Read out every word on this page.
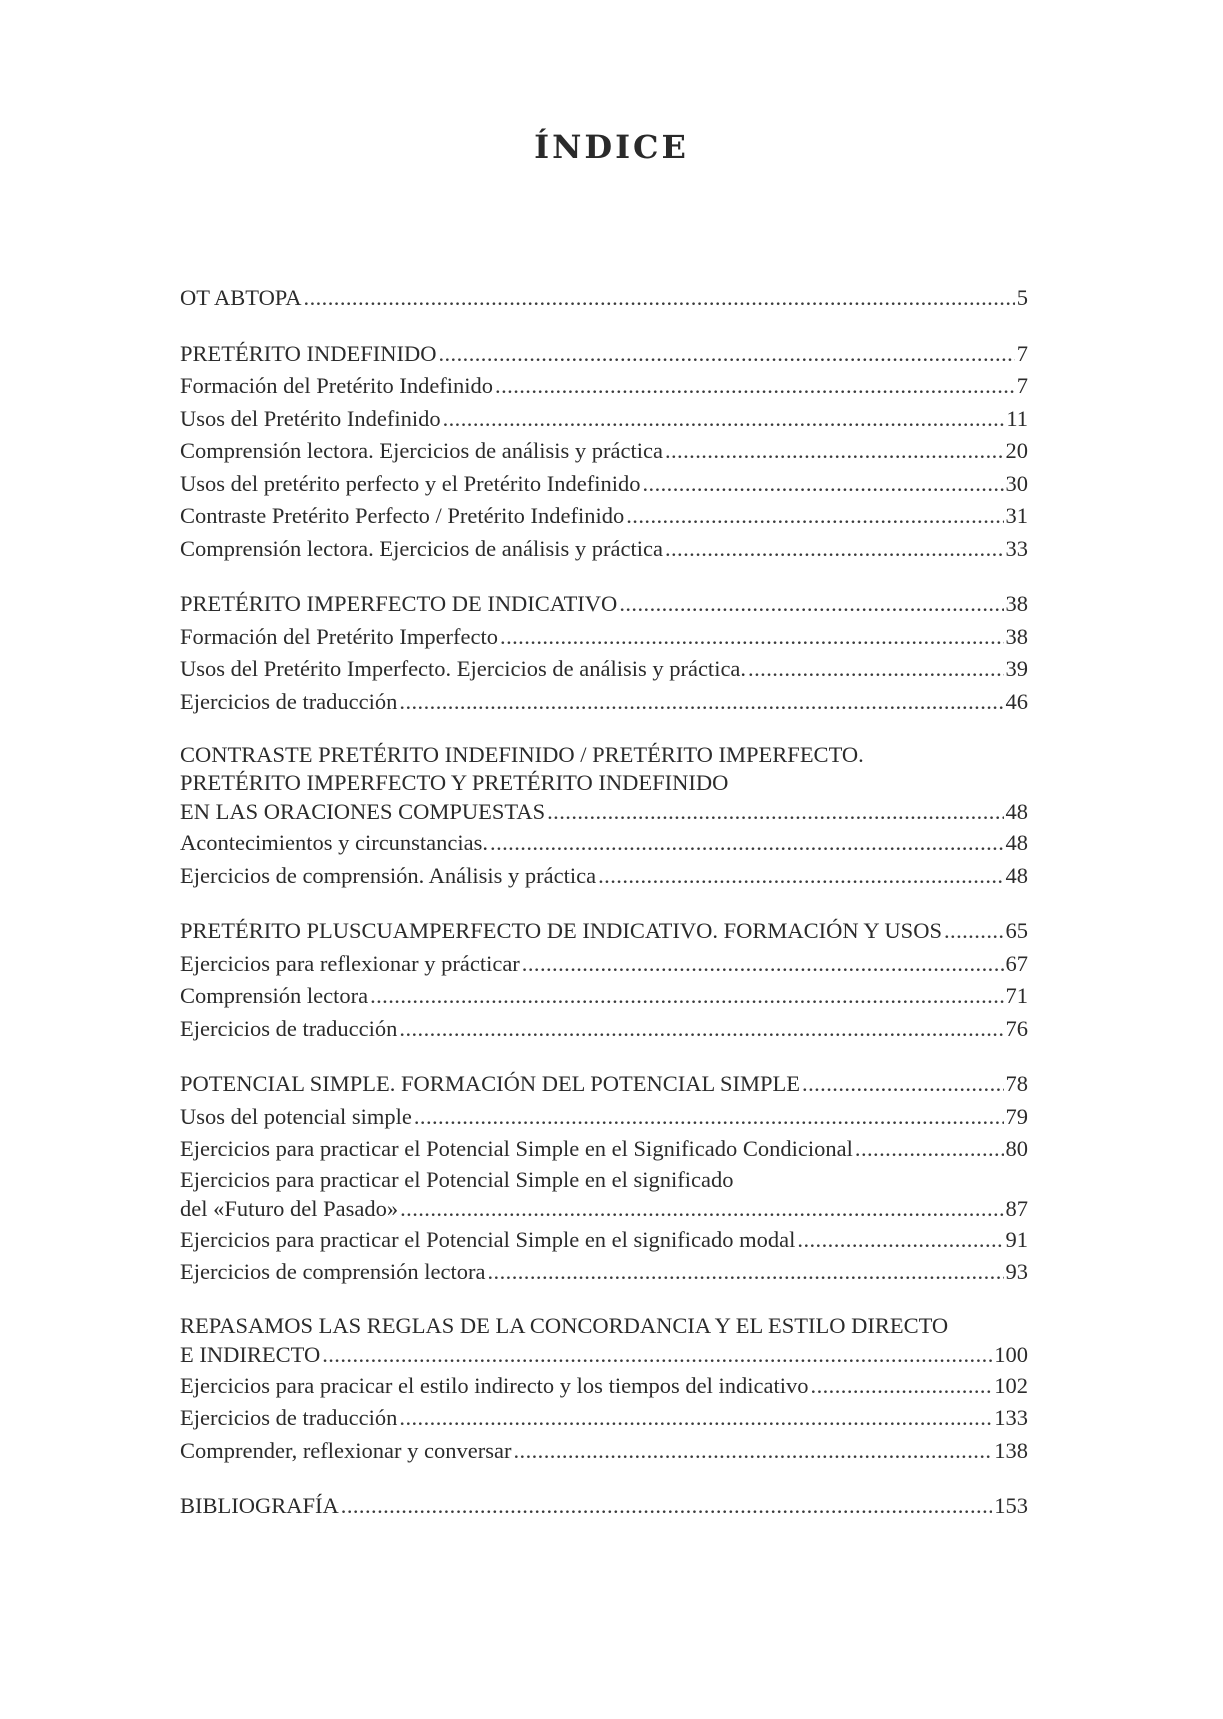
ÍNDICE
OT ABTOPA . . .	5
PRETÉRITO INDEFINIDO . . .	7
Formación del Pretérito Indefinido . . .	7
Usos del Pretérito Indefinido . . .	11
Comprensión lectora. Ejercicios de análisis y práctica . . .	20
Usos del pretérito perfecto y el Pretérito Indefinido . . .	30
Contraste Pretérito Perfecto / Pretérito Indefinido . . .	31
Comprensión lectora. Ejercicios de análisis y práctica . . .	33
PRETÉRITO IMPERFECTO DE INDICATIVO . . .	38
Formación del Pretérito Imperfecto . . .	38
Usos del Pretérito Imperfecto. Ejercicios de análisis y práctica. . . .	39
Ejercicios de traducción . . .	46
CONTRASTE PRETÉRITO INDEFINIDO / PRETÉRITO IMPERFECTO.
PRETÉRITO IMPERFECTO Y PRETÉRITO INDEFINIDO
EN LAS ORACIONES COMPUESTAS . . .	48
Acontecimientos y circunstancias. . . .	48
Ejercicios de comprensión. Análisis y práctica . . .	48
PRETÉRITO PLUSCUAMPERFECTO DE INDICATIVO. FORMACIÓN Y USOS . . .	65
Ejercicios para reflexionar y prácticar . . .	67
Comprensión lectora . . .	71
Ejercicios de traducción . . .	76
POTENCIAL SIMPLE. FORMACIÓN DEL POTENCIAL SIMPLE . . .	78
Usos del potencial simple . . .	79
Ejercicios para practicar el Potencial Simple en el Significado Condicional . . .	80
Ejercicios para practicar el Potencial Simple en el significado
del «Futuro del Pasado» . . .	87
Ejercicios para practicar el Potencial Simple en el significado modal . . .	91
Ejercicios de comprensión lectora . . .	93
REPASAMOS LAS REGLAS DE LA CONCORDANCIA Y EL ESTILO DIRECTO
E INDIRECTO . . .	100
Ejercicios para pracicar el estilo indirecto y los tiempos del indicativo . . .	102
Ejercicios de traducción . . .	133
Comprender, reflexionar y conversar . . .	138
BIBLIOGRAFÍA . . .	153
